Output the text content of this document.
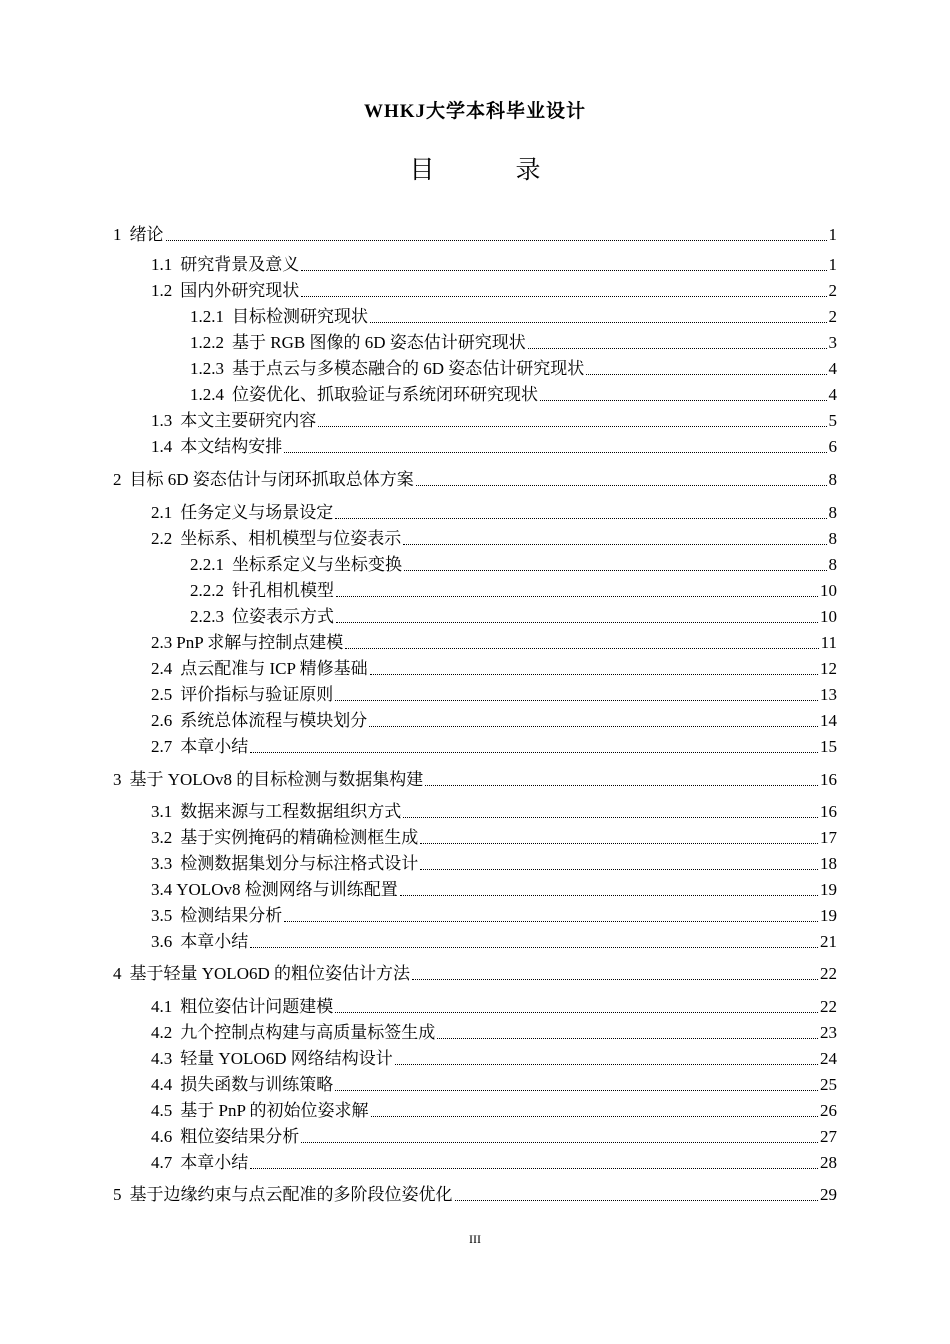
WHKJ大学本科毕业设计
目　录
1 绪论	1
1.1 研究背景及意义	1
1.2 国内外研究现状	2
1.2.1 目标检测研究现状	2
1.2.2 基于 RGB 图像的 6D 姿态估计研究现状	3
1.2.3 基于点云与多模态融合的 6D 姿态估计研究现状	4
1.2.4 位姿优化、抓取验证与系统闭环研究现状	4
1.3 本文主要研究内容	5
1.4 本文结构安排	6
2 目标 6D 姿态估计与闭环抓取总体方案	8
2.1 任务定义与场景设定	8
2.2 坐标系、相机模型与位姿表示	8
2.2.1 坐标系定义与坐标变换	8
2.2.2 针孔相机模型	10
2.2.3 位姿表示方式	10
2.3 PnP 求解与控制点建模	11
2.4 点云配准与 ICP 精修基础	12
2.5 评价指标与验证原则	13
2.6 系统总体流程与模块划分	14
2.7 本章小结	15
3 基于 YOLOv8 的目标检测与数据集构建	16
3.1 数据来源与工程数据组织方式	16
3.2 基于实例掩码的精确检测框生成	17
3.3 检测数据集划分与标注格式设计	18
3.4 YOLOv8 检测网络与训练配置	19
3.5 检测结果分析	19
3.6 本章小结	21
4 基于轻量 YOLO6D 的粗位姿估计方法	22
4.1 粗位姿估计问题建模	22
4.2 九个控制点构建与高质量标签生成	23
4.3 轻量 YOLO6D 网络结构设计	24
4.4 损失函数与训练策略	25
4.5 基于 PnP 的初始位姿求解	26
4.6 粗位姿结果分析	27
4.7 本章小结	28
5 基于边缘约束与点云配准的多阶段位姿优化	29
III
